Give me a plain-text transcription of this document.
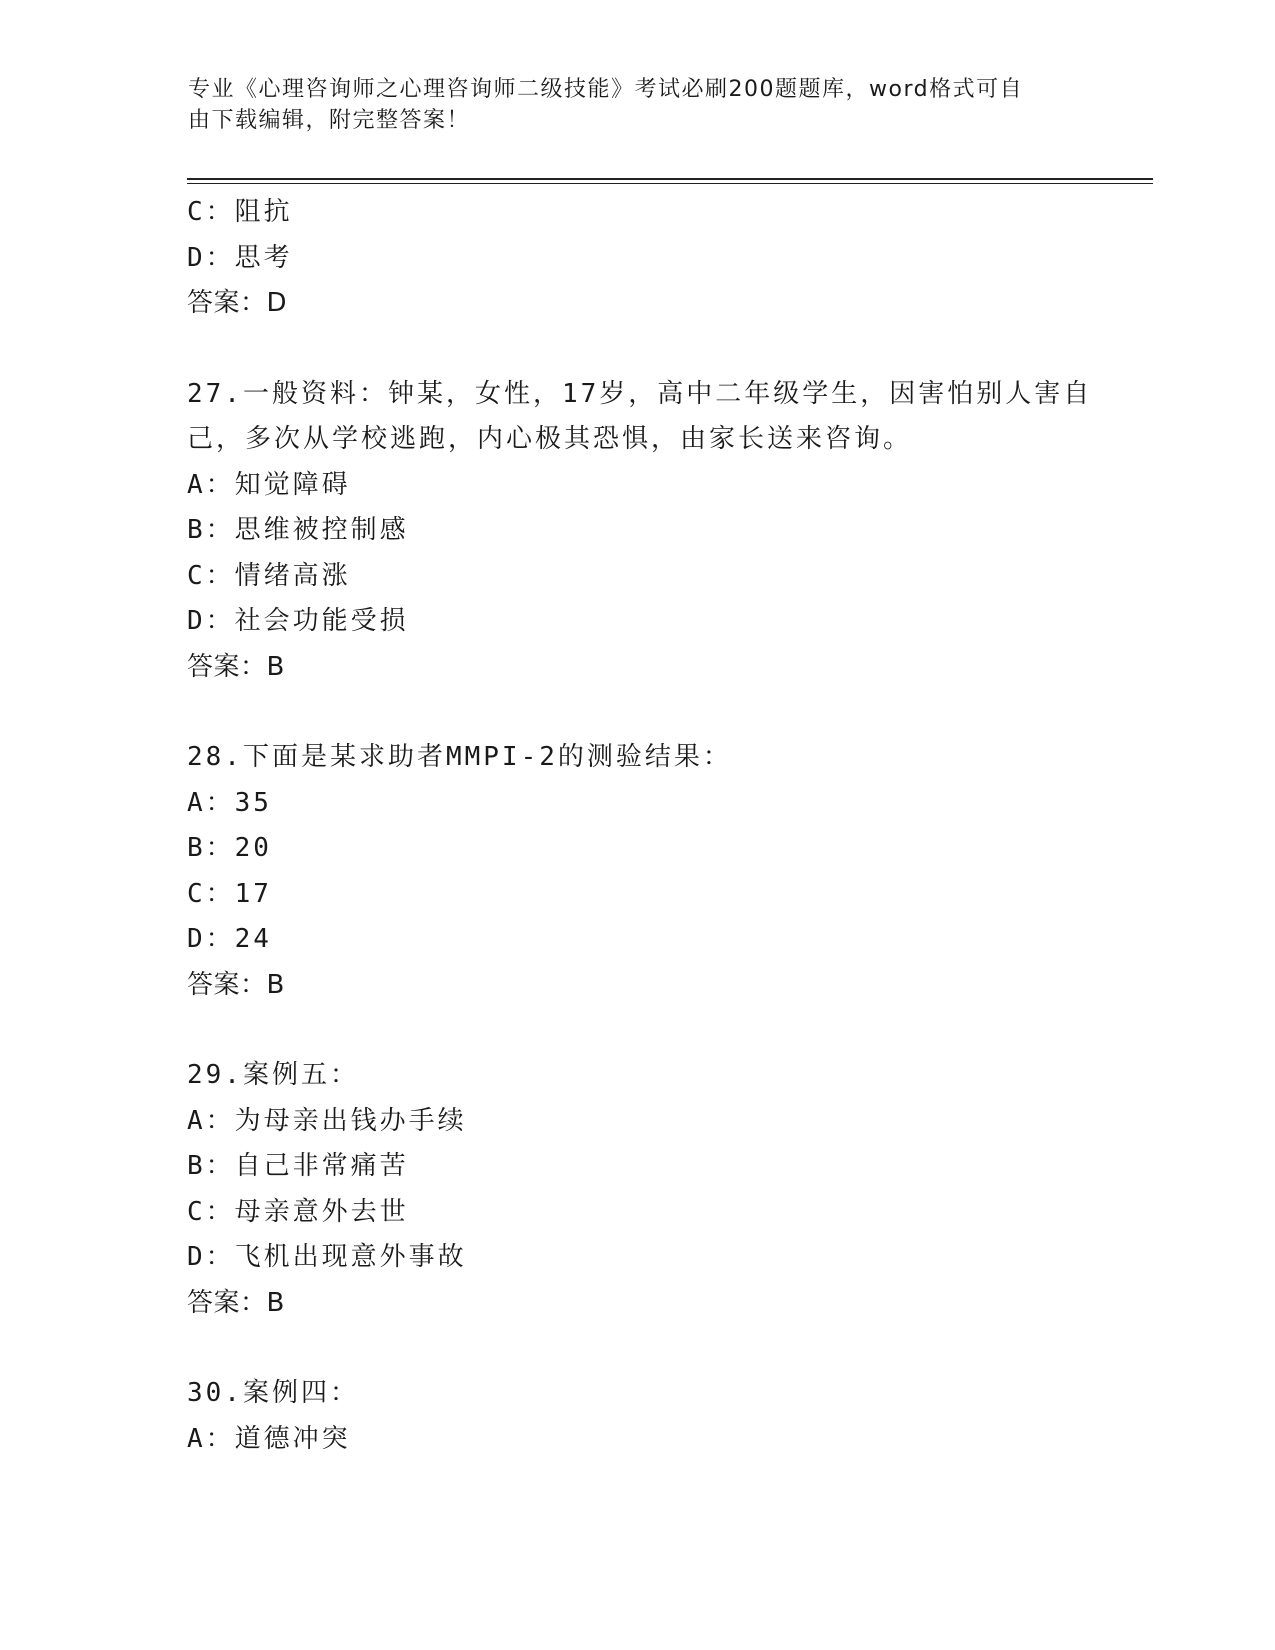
专业《心理咨询师之心理咨询师二级技能》考试必刷200题题库，word格式可自
由下载编辑，附完整答案！
C：阻抗
D：思考
答案：D
27.一般资料：钟某，女性，17岁，高中二年级学生，因害怕别人害自
己，多次从学校逃跑，内心极其恐惧，由家长送来咨询。
A：知觉障碍
B：思维被控制感
C：情绪高涨
D：社会功能受损
答案：B
28.下面是某求助者MMPI-2的测验结果：
A：35
B：20
C：17
D：24
答案：B
29.案例五：
A：为母亲出钱办手续
B：自己非常痛苦
C：母亲意外去世
D：飞机出现意外事故
答案：B
30.案例四：
A：道德冲突
